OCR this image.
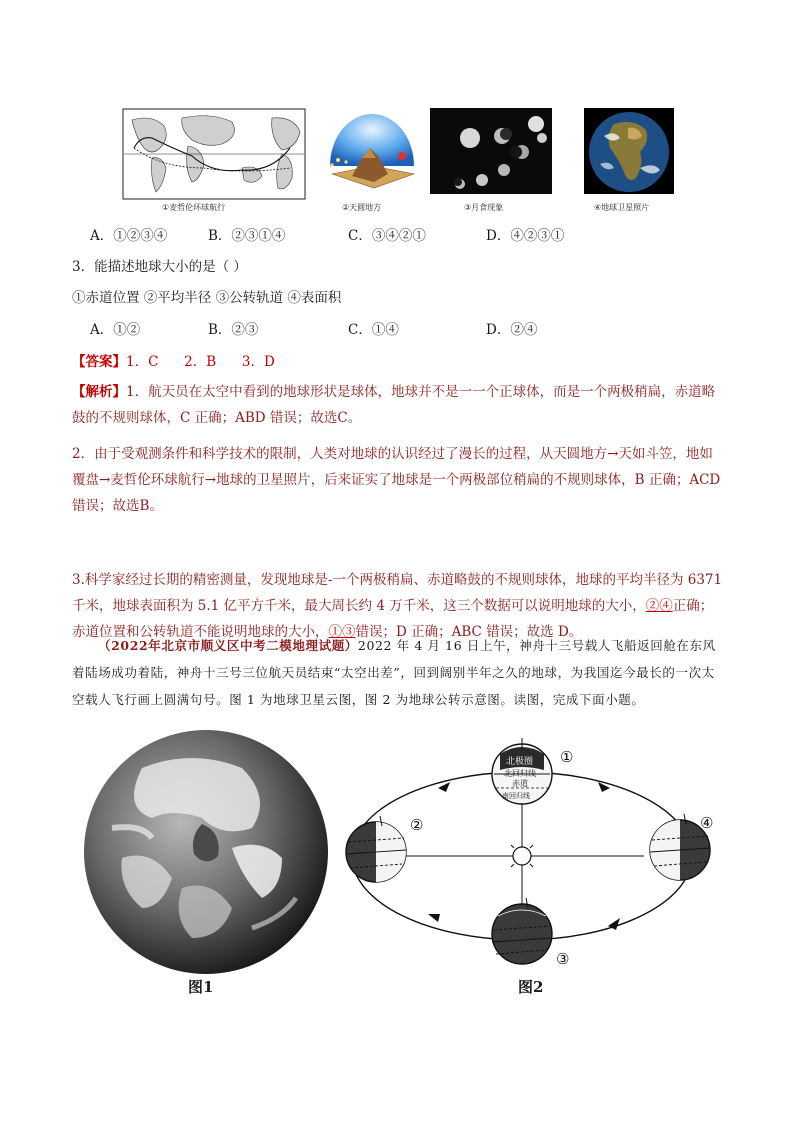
①麦哲伦环球航行	②天圆地方	③月食现象	④地球卫星照片
A．①②③④	B．②③①④	C．③④②①	D．④②③①
3．能描述地球大小的是（ ）
①赤道位置 ②平均半径 ③公转轨道 ④表面积
A．①②	B．②③	C．①④	D．②④
【答案】1．C      2．B      3．D
【解析】1．航天员在太空中看到的地球形状是球体，地球并不是一一个正球体，而是一个两极稍扁，赤道略鼓的不规则球体，C 正确；ABD 错误；故选C。
2．由于受观测条件和科学技术的限制，人类对地球的认识经过了漫长的过程，从天圆地方→天如斗笠，地如覆盘→麦哲伦环球航行→地球的卫星照片，后来证实了地球是一个两极部位稍扁的不规则球体，B 正确；ACD 错误；故选B。
3.科学家经过长期的精密测量，发现地球是-一个两极稍扁、赤道略鼓的不规则球体，地球的平均半径为 6371 千米，地球表面积为 5.1 亿平方千米，最大周长约 4 万千米，这三个数据可以说明地球的大小，②④正确；赤道位置和公转轨道不能说明地球的大小，①③错误；D 正确；ABC 错误；故选 D。
（2022年北京市顺义区中考二模地理试题）2022 年 4 月 16 日上午，神舟十三号载人飞船返回舱在东风着陆场成功着陆，神舟十三号三位航天员结束“太空出差”，回到阔别半年之久的地球，为我国迄今最长的一次太空载人飞行画上圆满句号。图 1 为地球卫星云图，图 2 为地球公转示意图。读图，完成下面小题。
图1
北极圈
北回归线
赤道
南回归线
①
②
③
④
图2
